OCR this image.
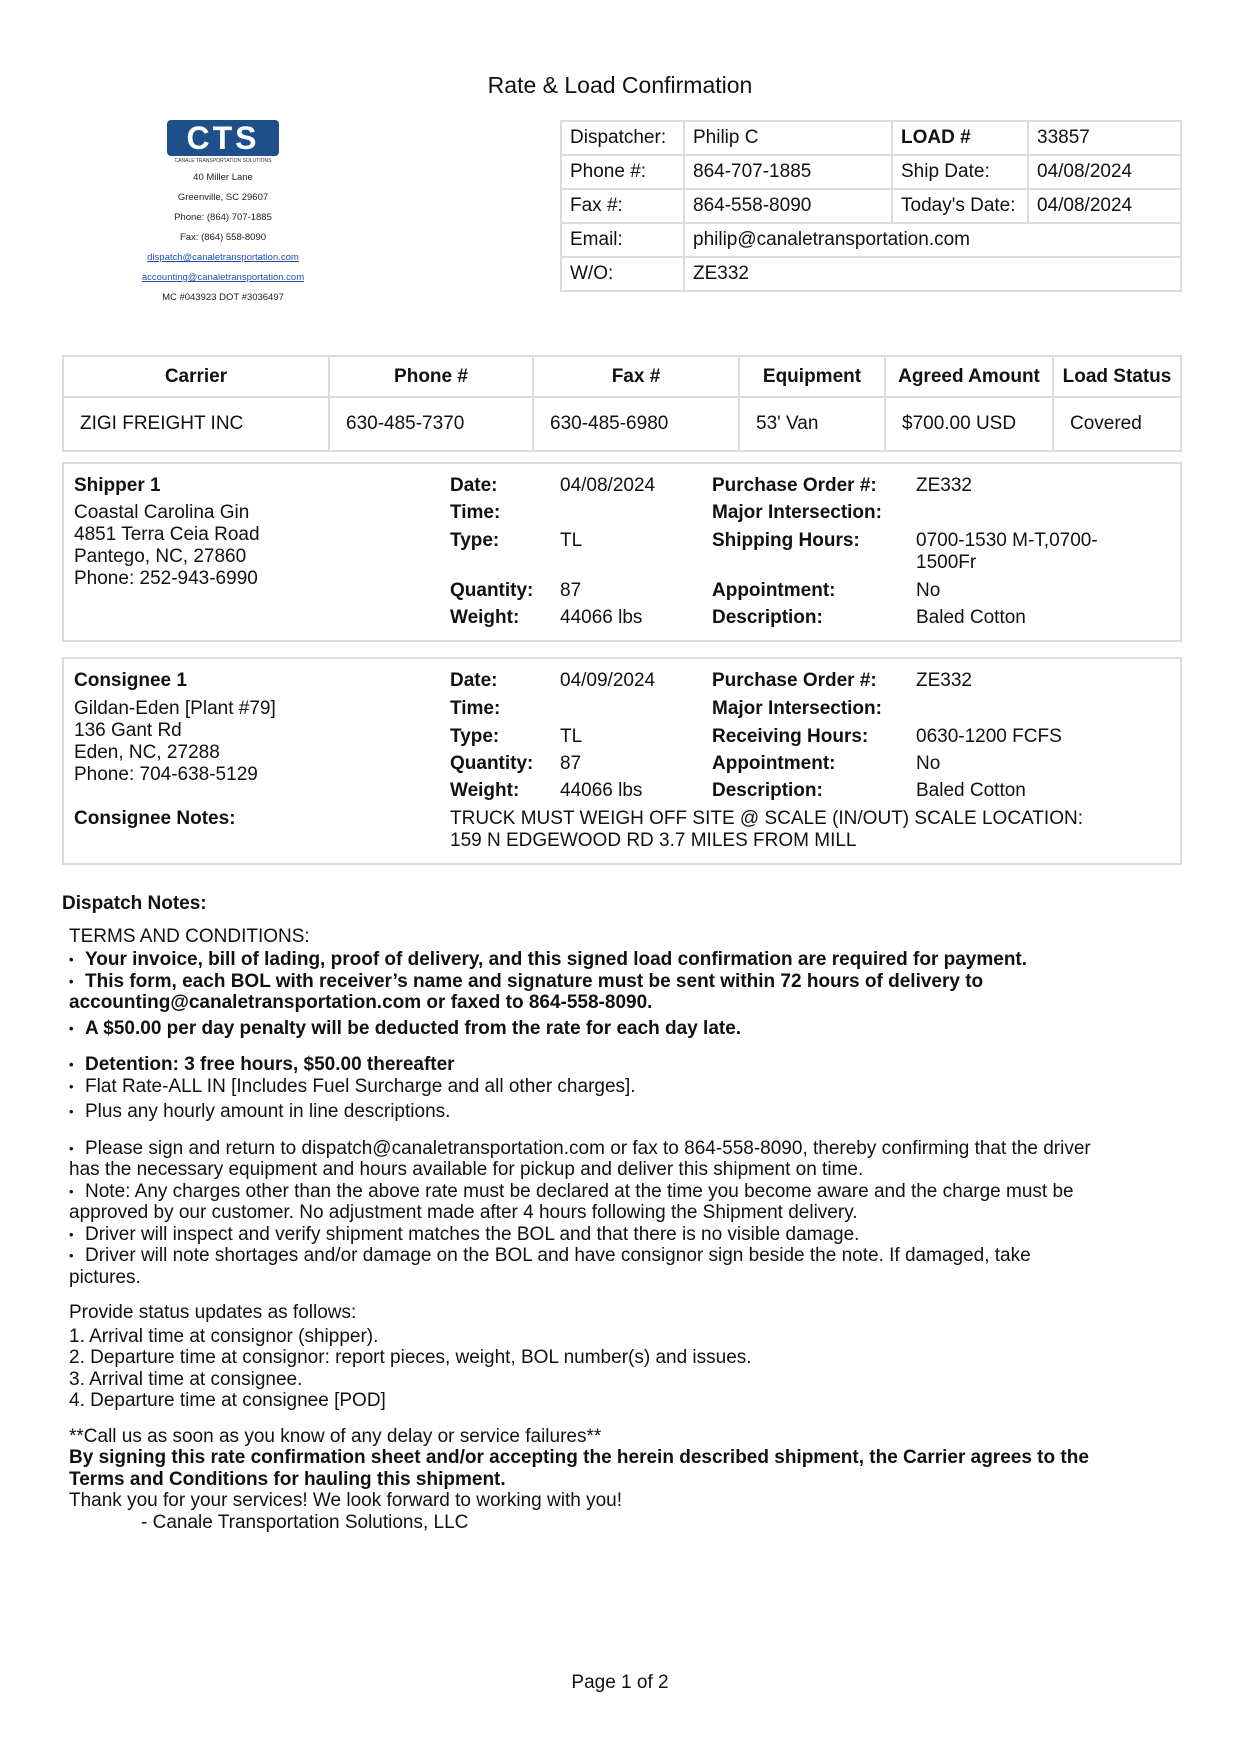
Rate & Load Confirmation
CTS
CANALE TRANSPORTATION SOLUTIONS
40 Miller Lane
Greenville, SC 29607
Phone: (864) 707-1885
Fax: (864) 558-8090
dispatch@canaletransportation.com
accounting@canaletransportation.com
MC #043923 DOT #3036497
Dispatcher:	Philip C	LOAD #	33857
Phone #:	864-707-1885	Ship Date:	04/08/2024
Fax #:	864-558-8090	Today's Date:	04/08/2024
Email:	philip@canaletransportation.com		
W/O:	ZE332		
Carrier	Phone #	Fax #	Equipment	Agreed Amount	Load Status
ZIGI FREIGHT INC	630-485-7370	630-485-6980	53' Van	$700.00 USD	Covered
Shipper 1
Coastal Carolina Gin
4851 Terra Ceia Road
Pantego, NC, 27860
Phone: 252-943-6990
Date:	04/08/2024
Time:
Type:	TL
Quantity: 87
Weight: 44066 lbs
Purchase Order #: ZE332
Major Intersection:
Shipping Hours:	0700-1530 M-T,0700-
1500Fr
Appointment:	No
Description:	Baled Cotton
Consignee 1
Gildan-Eden [Plant #79]
136 Gant Rd
Eden, NC, 27288
Phone: 704-638-5129
Date:	04/09/2024
Time:
Type:	TL
Quantity: 87
Weight: 44066 lbs
Purchase Order #: ZE332
Major Intersection:
Receiving Hours:	0630-1200 FCFS
Appointment:	No
Description:	Baled Cotton
Consignee Notes:	TRUCK MUST WEIGH OFF SITE @ SCALE (IN/OUT) SCALE LOCATION:
159 N EDGEWOOD RD 3.7 MILES FROM MILL

Dispatch Notes:

TERMS AND CONDITIONS:

• Your invoice, bill of lading, proof of delivery, and this signed load confirmation are required for payment.

• This form, each BOL with receiver’s name and signature must be sent within 72 hours of delivery to

accounting@canaletransportation.com or faxed to 864-558-8090.

• A $50.00 per day penalty will be deducted from the rate for each day late.

• Detention: 3 free hours, $50.00 thereafter

• Flat Rate-ALL IN [Includes Fuel Surcharge and all other charges].

• Plus any hourly amount in line descriptions.

• Please sign and return to dispatch@canaletransportation.com or fax to 864-558-8090, thereby confirming that the driver

has the necessary equipment and hours available for pickup and deliver this shipment on time.

• Note: Any charges other than the above rate must be declared at the time you become aware and the charge must be

approved by our customer. No adjustment made after 4 hours following the Shipment delivery.

• Driver will inspect and verify shipment matches the BOL and that there is no visible damage.

• Driver will note shortages and/or damage on the BOL and have consignor sign beside the note. If damaged, take

pictures.

Provide status updates as follows:

1. Arrival time at consignor (shipper).

2. Departure time at consignor: report pieces, weight, BOL number(s) and issues.

3. Arrival time at consignee.

4. Departure time at consignee [POD]

**Call us as soon as you know of any delay or service failures**

By signing this rate confirmation sheet and/or accepting the herein described shipment, the Carrier agrees to the

Terms and Conditions for hauling this shipment.

Thank you for your services! We look forward to working with you!

- Canale Transportation Solutions, LLC

Page 1 of 2
